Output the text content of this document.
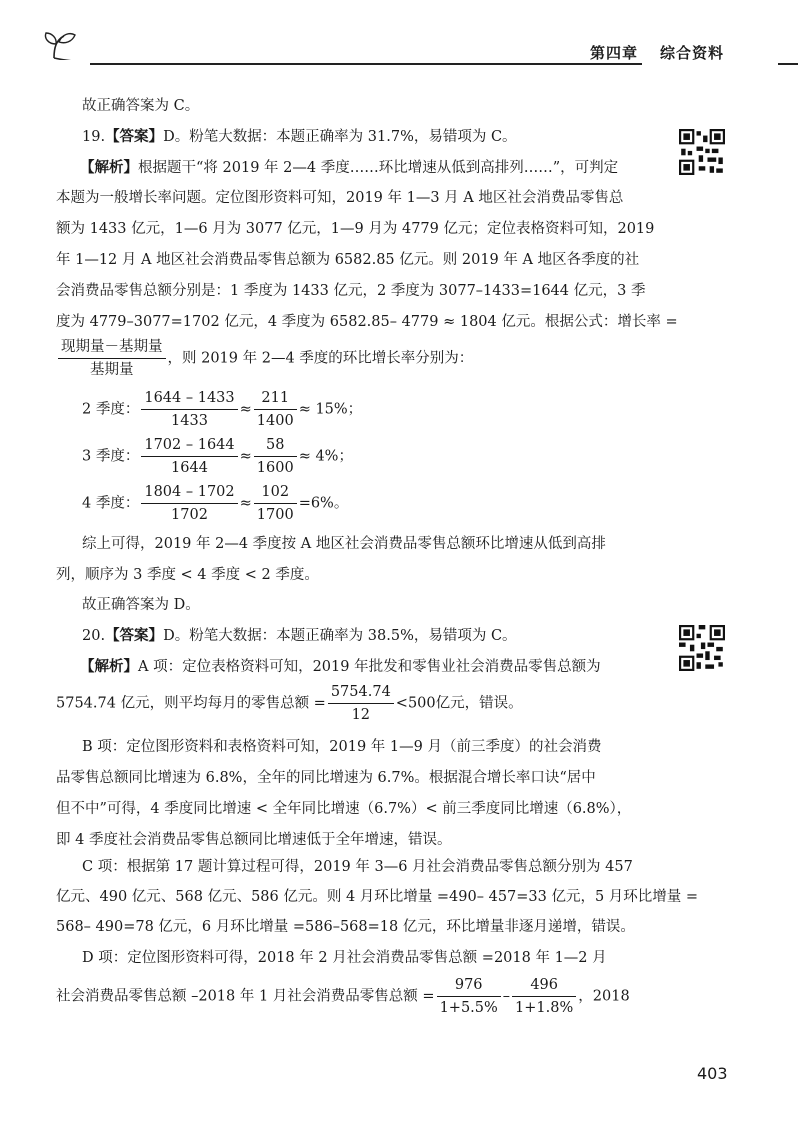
第四章 综合资料
故正确答案为 C。
19.【答案】D。粉笔大数据：本题正确率为 31.7%，易错项为 C。
【解析】根据题干“将 2019 年 2—4 季度……环比增速从低到高排列……”，可判定
本题为一般增长率问题。定位图形资料可知，2019 年 1—3 月 A 地区社会消费品零售总
额为 1433 亿元，1—6 月为 3077 亿元，1—9 月为 4779 亿元；定位表格资料可知，2019
年 1—12 月 A 地区社会消费品零售总额为 6582.85 亿元。则 2019 年 A 地区各季度的社
会消费品零售总额分别是：1 季度为 1433 亿元，2 季度为 3077–1433=1644 亿元，3 季
度为 4779–3077=1702 亿元，4 季度为 6582.85– 4779 ≈ 1804 亿元。根据公式：增长率 =
$\frac{\text{现期量－基期量}}{\text{基期量}}$ ，则 2019 年 2—4 季度的环比增长率分别为：
2 季度： $\frac{1644 - 1433}{1433} \approx \frac{211}{1400} \approx 15\%$；
3 季度： $\frac{1702 - 1644}{1644} \approx \frac{58}{1600} \approx 4\%$；
4 季度： $\frac{1804 - 1702}{1702} \approx \frac{102}{1700} =6\%$。
综上可得，2019 年 2—4 季度按 A 地区社会消费品零售总额环比增速从低到高排
列，顺序为 3 季度 < 4 季度 < 2 季度。
故正确答案为 D。
20.【答案】D。粉笔大数据：本题正确率为 38.5%，易错项为 C。
【解析】A 项：定位表格资料可知，2019 年批发和零售业社会消费品零售总额为
5754.74 亿元，则平均每月的零售总额 = $\frac{5754.74}{12} <500$亿元，错误。
B 项：定位图形资料和表格资料可知，2019 年 1—9 月（前三季度）的社会消费
品零售总额同比增速为 6.8%，全年的同比增速为 6.7%。根据混合增长率口诀“居中
但不中”可得，4 季度同比增速 < 全年同比增速（6.7%）< 前三季度同比增速（6.8%），
即 4 季度社会消费品零售总额同比增速低于全年增速，错误。
C 项：根据第 17 题计算过程可得，2019 年 3—6 月社会消费品零售总额分别为 457
亿元、490 亿元、568 亿元、586 亿元。则 4 月环比增量 =490– 457=33 亿元，5 月环比增量 =
568– 490=78 亿元，6 月环比增量 =586–568=18 亿元，环比增量非逐月递增，错误。
D 项：定位图形资料可得，2018 年 2 月社会消费品零售总额 =2018 年 1—2 月
社会消费品零售总额 –2018 年 1 月社会消费品零售总额 = $\frac{976}{1+5.5\%} - \frac{496}{1+1.8\%}$ ，2018
403
